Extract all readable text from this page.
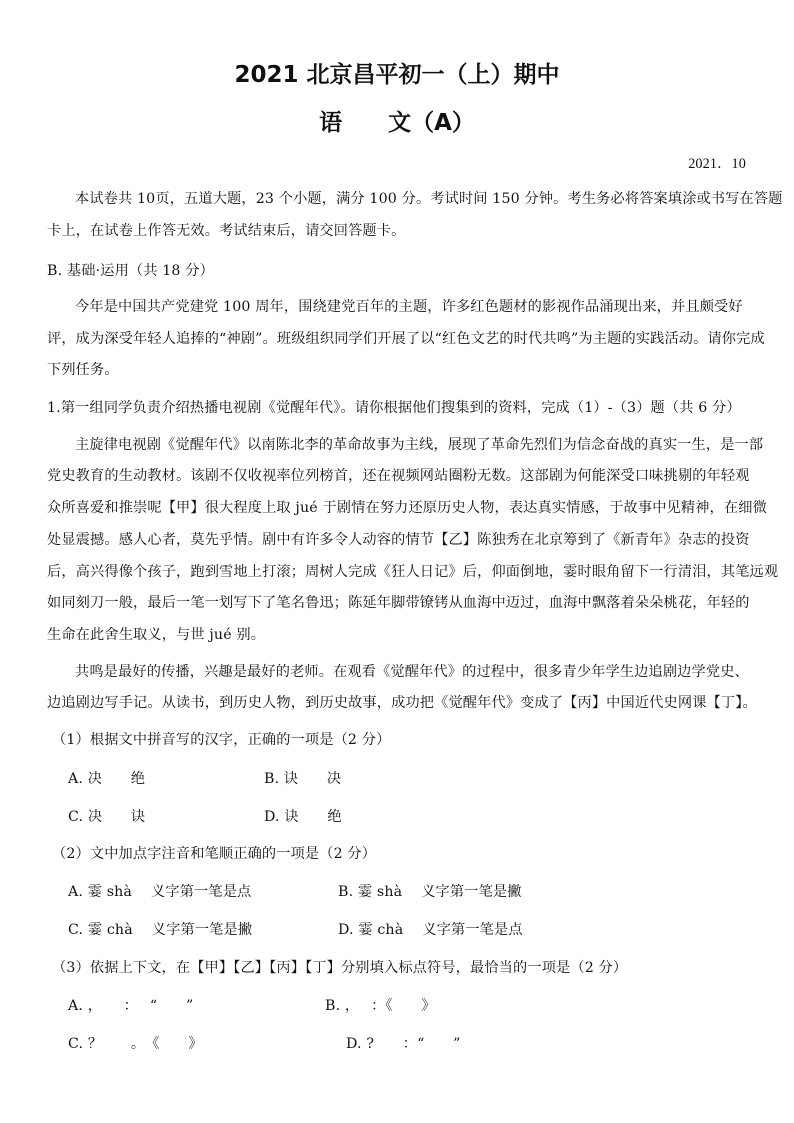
2021 北京昌平初一（上）期中
语　　文（A）
2021．10
本试卷共 10页，五道大题，23 个小题，满分 100 分。考试时间 150 分钟。考生务必将答案填涂或书写在答题
卡上，在试卷上作答无效。考试结束后，请交回答题卡。
B. 基础·运用（共 18 分）
今年是中国共产党建党 100 周年，围绕建党百年的主题，许多红色题材的影视作品涌现出来，并且颇受好
评，成为深受年轻人追捧的“神剧”。班级组织同学们开展了以“红色文艺的时代共鸣”为主题的实践活动。请你完成
下列任务。
1.第一组同学负责介绍热播电视剧《觉醒年代》。请你根据他们搜集到的资料，完成（1）-（3）题（共 6 分）
主旋律电视剧《觉醒年代》以南陈北李的革命故事为主线，展现了革命先烈们为信念奋战的真实一生，是一部
党史教育的生动教材。该剧不仅收视率位列榜首，还在视频网站圈粉无数。这部剧为何能深受口味挑剔的年轻观
众所喜爱和推崇呢【甲】很大程度上取 jué 于剧情在努力还原历史人物，表达真实情感，于故事中见精神，在细微
处显震撼。感人心者，莫先乎情。剧中有许多令人动容的情节【乙】陈独秀在北京筹到了《新青年》杂志的投资
后，高兴得像个孩子，跑到雪地上打滚；周树人完成《狂人日记》后，仰面倒地，霎时眼角留下一行清泪，其笔远观
如同刻刀一般，最后一笔一划写下了笔名鲁迅；陈延年脚带镣铐从血海中迈过，血海中飘落着朵朵桃花，年轻的
生命在此舍生取义，与世 jué 别。
共鸣是最好的传播，兴趣是最好的老师。在观看《觉醒年代》的过程中，很多青少年学生边追剧边学党史、
边追剧边写手记。从读书，到历史人物，到历史故事，成功把《觉醒年代》变成了【丙】中国近代史网课【丁】。
（1）根据文中拼音写的汉字，正确的一项是（2 分）
A. 决　　绝	B. 诀　　决
C. 决　　诀	D. 诀　　绝
（2）文中加点字注音和笔顺正确的一项是（2 分）
A. 霎 shà　 义字第一笔是点	B. 霎 shà　 义字第一笔是撇
C. 霎 chà　 义字第一笔是撇	D. 霎 chà　 义字第一笔是点
（3）依据上下文，在【甲】【乙】【丙】【丁】分别填入标点符号，最恰当的一项是（2 分）
A. ，　　：　 “　　”	B. ，　 ：《　　》
C. ？　　。　《　　》	D. ?　　：“　　”
